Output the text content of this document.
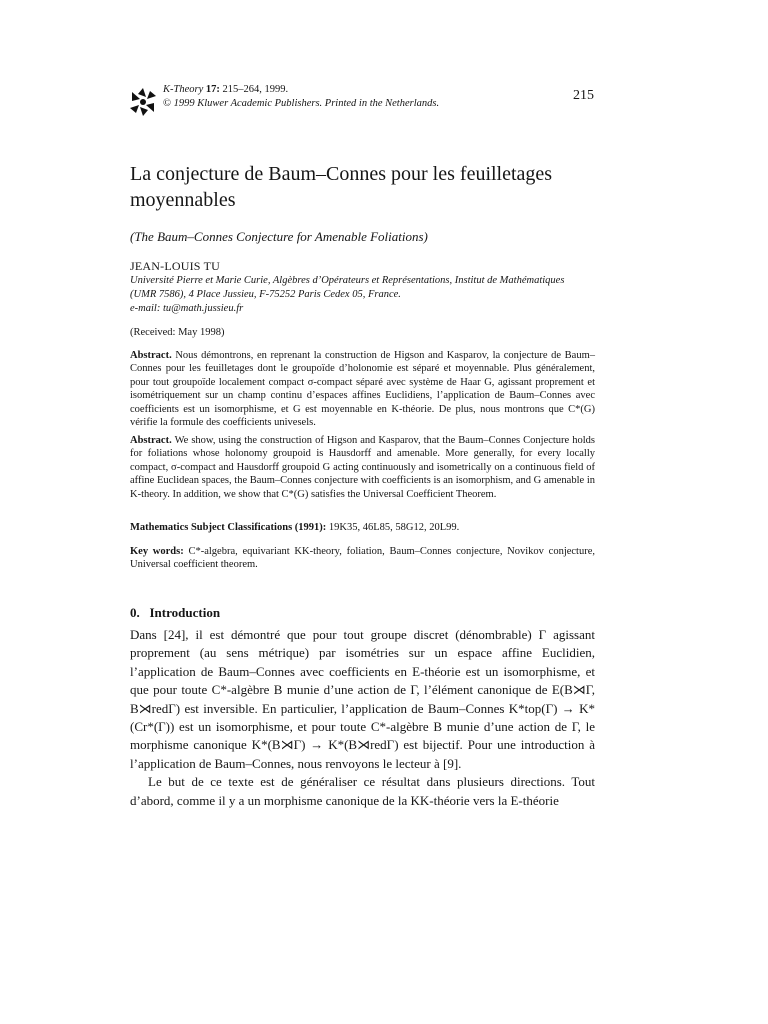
K-Theory 17: 215–264, 1999.
© 1999 Kluwer Academic Publishers. Printed in the Netherlands.
215
La conjecture de Baum–Connes pour les feuilletages moyennables
(The Baum–Connes Conjecture for Amenable Foliations)
JEAN-LOUIS TU
Université Pierre et Marie Curie, Algèbres d’Opérateurs et Représentations, Institut de Mathématiques (UMR 7586), 4 Place Jussieu, F-75252 Paris Cedex 05, France.
e-mail: tu@math.jussieu.fr
(Received: May 1998)
Abstract. Nous démontrons, en reprenant la construction de Higson and Kasparov, la conjecture de Baum–Connes pour les feuilletages dont le groupoïde d’holonomie est séparé et moyennable. Plus généralement, pour tout groupoïde localement compact σ-compact séparé avec système de Haar G, agissant proprement et isométriquement sur un champ continu d’espaces affines Euclidiens, l’application de Baum–Connes avec coefficients est un isomorphisme, et G est moyennable en K-théorie. De plus, nous montrons que C*(G) vérifie la formule des coefficients univesels.
Abstract. We show, using the construction of Higson and Kasparov, that the Baum–Connes Conjecture holds for foliations whose holonomy groupoid is Hausdorff and amenable. More generally, for every locally compact, σ-compact and Hausdorff groupoid G acting continuously and isometrically on a continuous field of affine Euclidean spaces, the Baum–Connes conjecture with coefficients is an isomorphism, and G amenable in K-theory. In addition, we show that C*(G) satisfies the Universal Coefficient Theorem.
Mathematics Subject Classifications (1991): 19K35, 46L85, 58G12, 20L99.
Key words: C*-algebra, equivariant KK-theory, foliation, Baum–Connes conjecture, Novikov conjecture, Universal coefficient theorem.
0. Introduction

Dans [24], il est démontré que pour tout groupe discret (dénombrable) Γ agissant proprement (au sens métrique) par isométries sur un espace affine Euclidien, l’application de Baum–Connes avec coefficients en E-théorie est un isomorphisme, et que pour toute C*-algèbre B munie d’une action de Γ, l’élément canonique de E(B⋊Γ, B⋊redΓ) est inversible. En particulier, l’application de Baum–Connes K*top(Γ) → K*(Cr*(Γ)) est un isomorphisme, et pour toute C*-algèbre B munie d’une action de Γ, le morphisme canonique K*(B⋊Γ) → K*(B⋊redΓ) est bijectif. Pour une introduction à l’application de Baum–Connes, nous renvoyons le lecteur à [9].

Le but de ce texte est de généraliser ce résultat dans plusieurs directions. Tout d’abord, comme il y a un morphisme canonique de la KK-théorie vers la E-théorie
